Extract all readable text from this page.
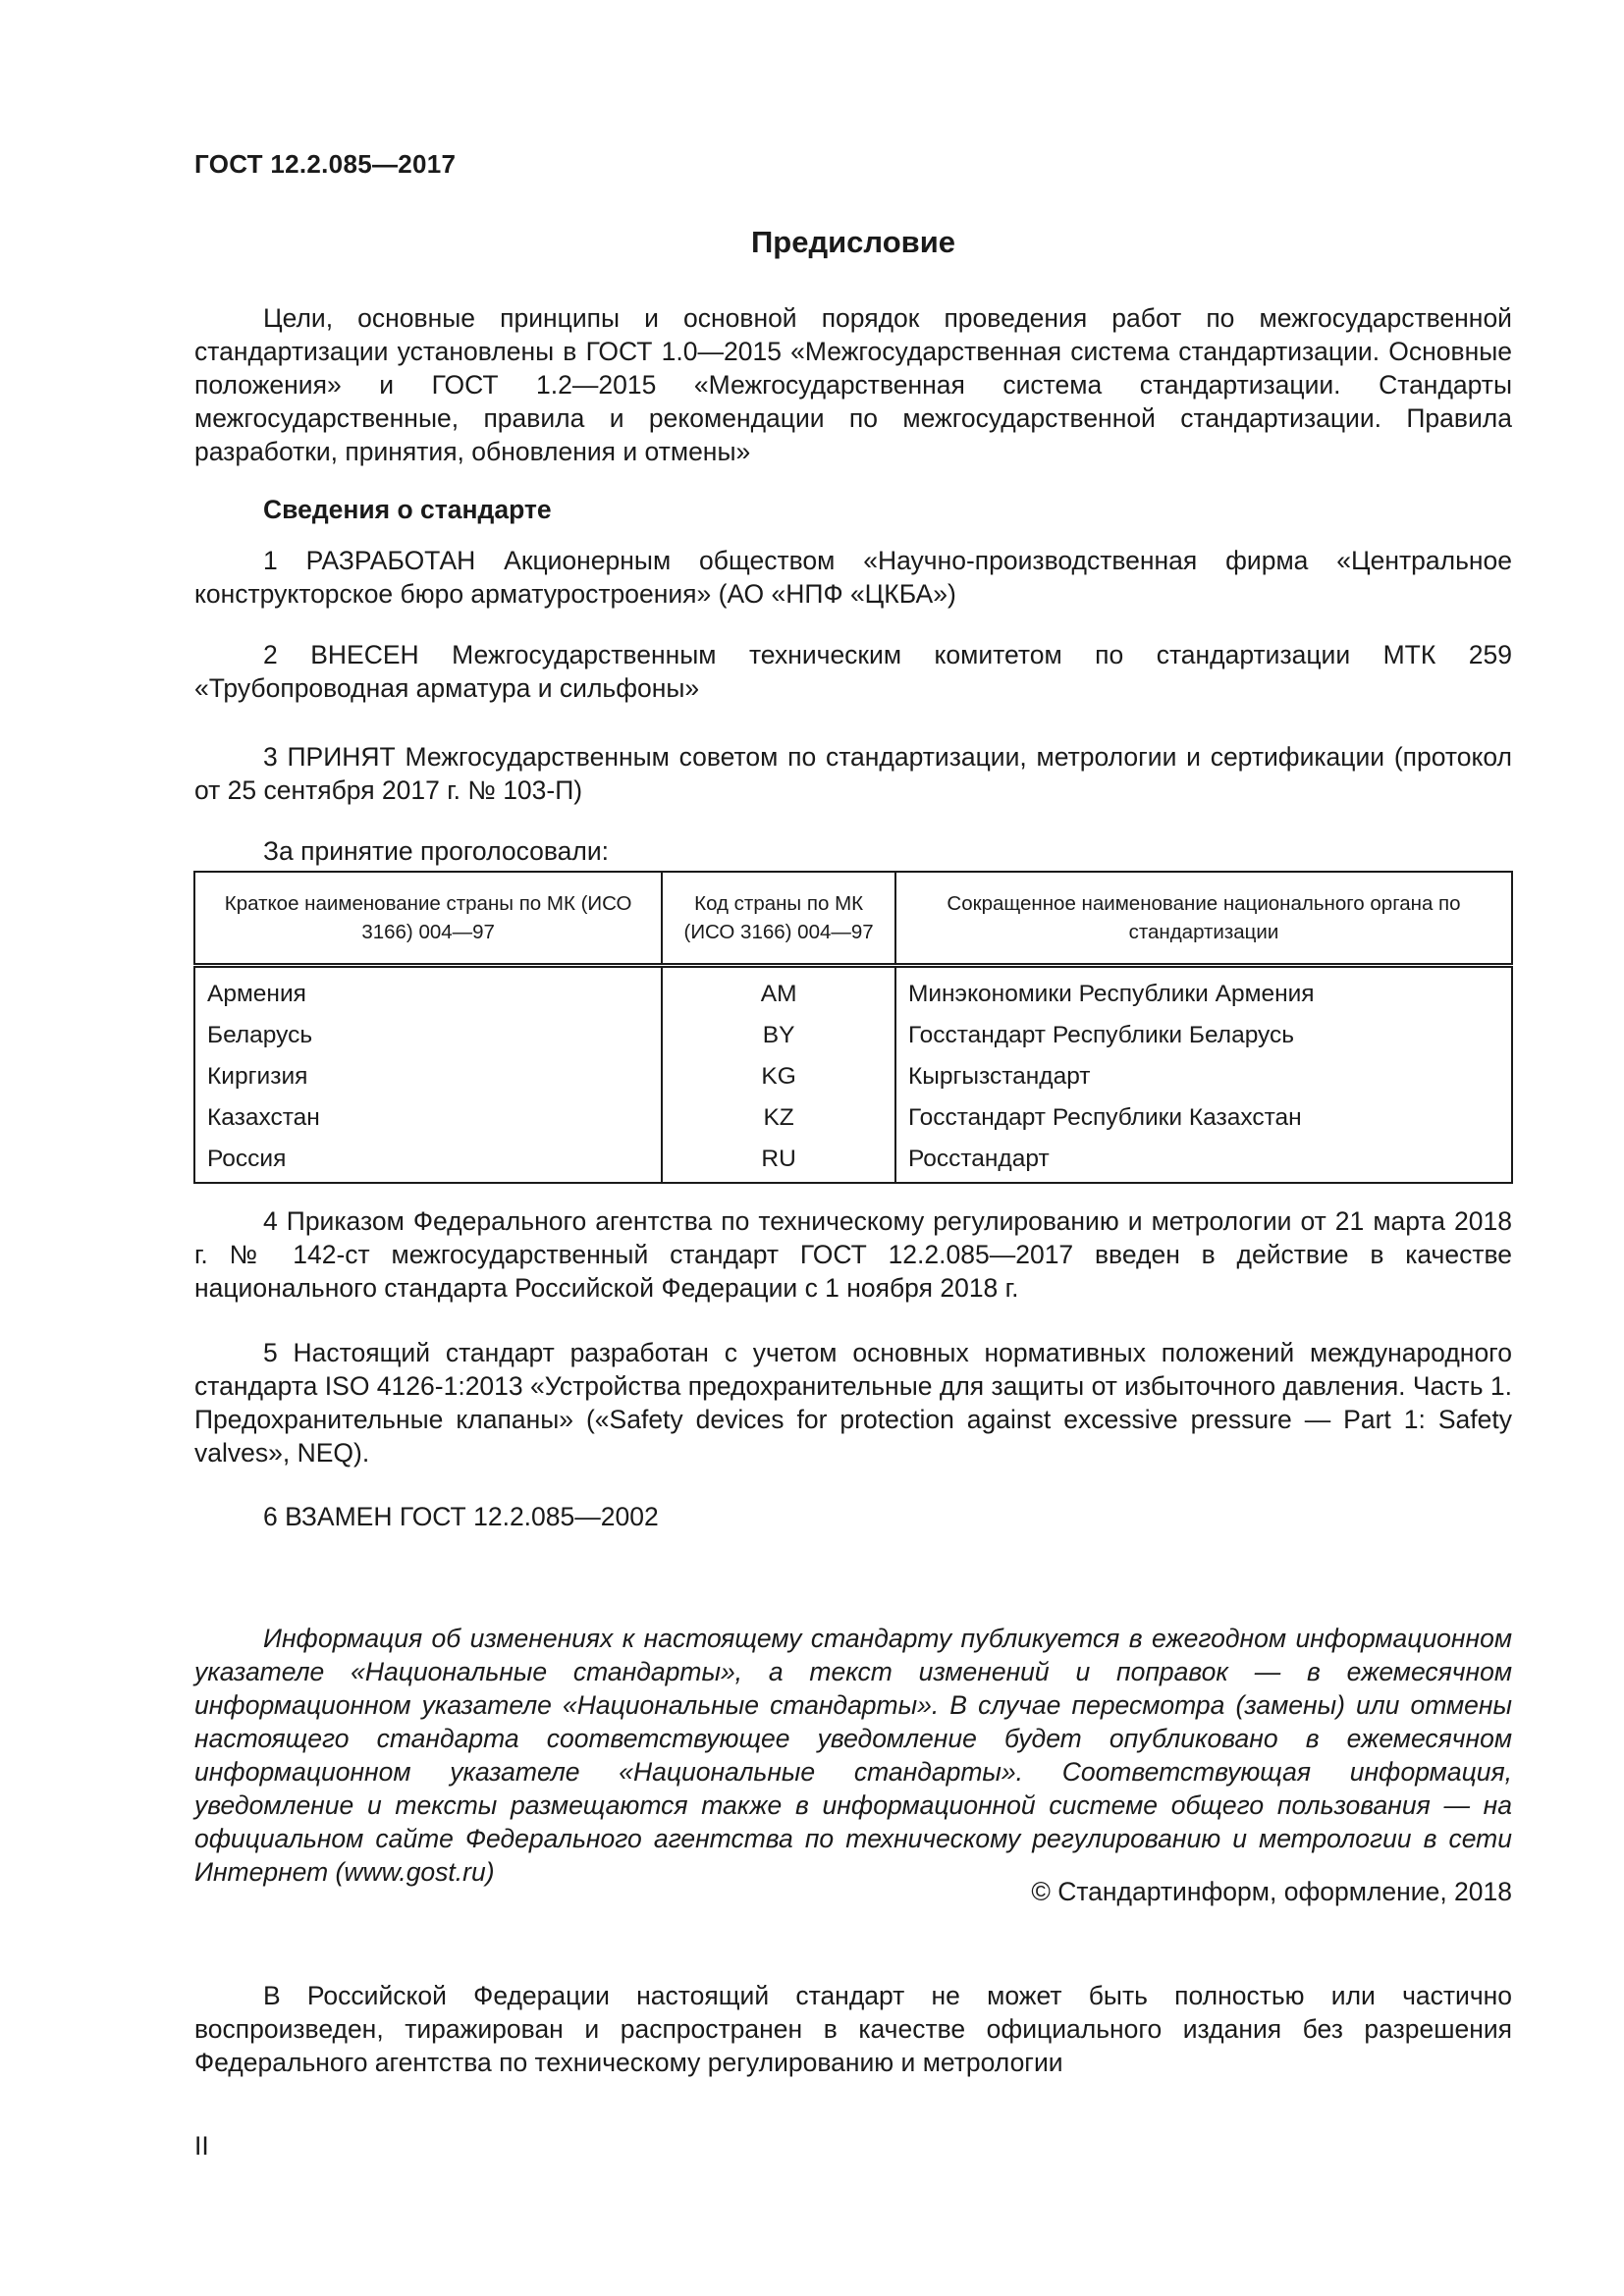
ГОСТ 12.2.085—2017
Предисловие
Цели, основные принципы и основной порядок проведения работ по межгосударственной стандартизации установлены в ГОСТ 1.0—2015 «Межгосударственная система стандартизации. Основные положения» и ГОСТ 1.2—2015 «Межгосударственная система стандартизации. Стандарты межгосударственные, правила и рекомендации по межгосударственной стандартизации. Правила разработки, принятия, обновления и отмены»
Сведения о стандарте
1 РАЗРАБОТАН Акционерным обществом «Научно-производственная фирма «Центральное конструкторское бюро арматуростроения» (АО «НПФ «ЦКБА»)
2 ВНЕСЕН Межгосударственным техническим комитетом по стандартизации МТК 259 «Трубопроводная арматура и сильфоны»
3 ПРИНЯТ Межгосударственным советом по стандартизации, метрологии и сертификации (протокол от 25 сентября 2017 г. № 103-П)
За принятие проголосовали:
Краткое наименование страны по МК (ИСО 3166) 004—97	Код страны по МК (ИСО 3166) 004—97	Сокращенное наименование национального органа по стандартизации
Армения	AM	Минэкономики Республики Армения
Беларусь	BY	Госстандарт Республики Беларусь
Киргизия	KG	Кыргызстандарт
Казахстан	KZ	Госстандарт Республики Казахстан
Россия	RU	Росстандарт
4 Приказом Федерального агентства по техническому регулированию и метрологии от 21 марта 2018 г. № 142-ст межгосударственный стандарт ГОСТ 12.2.085—2017 введен в действие в качестве национального стандарта Российской Федерации с 1 ноября 2018 г.
5 Настоящий стандарт разработан с учетом основных нормативных положений международного стандарта ISO 4126-1:2013 «Устройства предохранительные для защиты от избыточного давления. Часть 1. Предохранительные клапаны» («Safety devices for protection against excessive pressure — Part 1: Safety valves», NEQ).
6 ВЗАМЕН ГОСТ 12.2.085—2002
Информация об изменениях к настоящему стандарту публикуется в ежегодном информационном указателе «Национальные стандарты», а текст изменений и поправок — в ежемесячном информационном указателе «Национальные стандарты». В случае пересмотра (замены) или отмены настоящего стандарта соответствующее уведомление будет опубликовано в ежемесячном информационном указателе «Национальные стандарты». Соответствующая информация, уведомление и тексты размещаются также в информационной системе общего пользования — на официальном сайте Федерального агентства по техническому регулированию и метрологии в сети Интернет (www.gost.ru)
© Стандартинформ, оформление, 2018
В Российской Федерации настоящий стандарт не может быть полностью или частично воспроизведен, тиражирован и распространен в качестве официального издания без разрешения Федерального агентства по техническому регулированию и метрологии
II
